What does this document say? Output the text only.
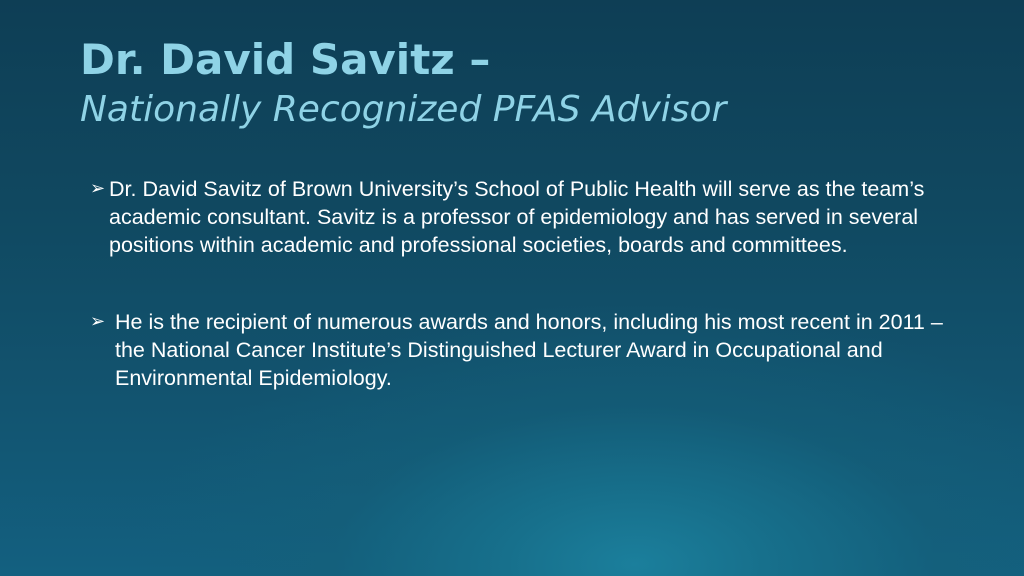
Dr. David Savitz –
Nationally Recognized PFAS Advisor
➢ Dr. David Savitz of Brown University’s School of Public Health will serve as the team’s academic consultant. Savitz is a professor of epidemiology and has served in several positions within academic and professional societies, boards and committees.
➢ He is the recipient of numerous awards and honors, including his most recent in 2011 – the National Cancer Institute’s Distinguished Lecturer Award in Occupational and Environmental Epidemiology.
